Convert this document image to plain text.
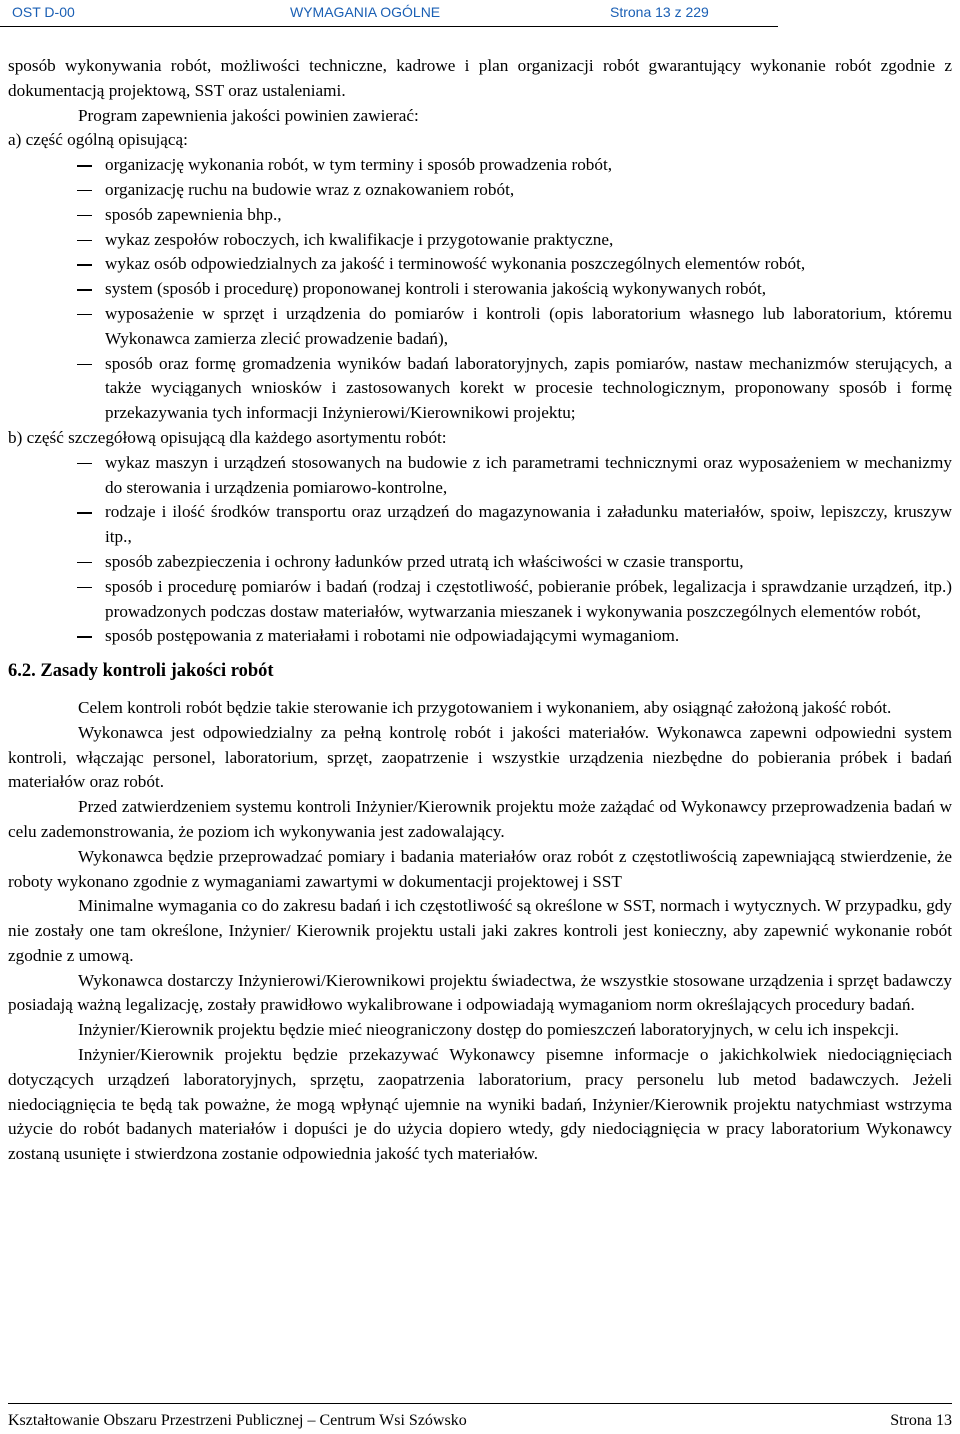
OST D-00	WYMAGANIA OGÓLNE	Strona 13 z 229

sposób wykonywania robót, możliwości techniczne, kadrowe i plan organizacji robót gwarantujący wykonanie robót zgodnie z dokumentacją projektową, SST oraz ustaleniami.

Program zapewnienia jakości powinien zawierać:

a) część ogólną opisującą:

organizację wykonania robót, w tym terminy i sposób prowadzenia robót,
organizację ruchu na budowie wraz z oznakowaniem robót,
sposób zapewnienia bhp.,
wykaz zespołów roboczych, ich kwalifikacje i przygotowanie praktyczne,
wykaz osób odpowiedzialnych za jakość i terminowość wykonania poszczególnych elementów robót,
system (sposób i procedurę) proponowanej kontroli i sterowania jakością wykonywanych robót,
wyposażenie w sprzęt i urządzenia do pomiarów i kontroli (opis laboratorium własnego lub laboratorium, któremu Wykonawca zamierza zlecić prowadzenie badań),
sposób oraz formę gromadzenia wyników badań laboratoryjnych, zapis pomiarów, nastaw mechanizmów sterujących, a także wyciąganych wniosków i zastosowanych korekt w procesie technologicznym, proponowany sposób i formę przekazywania tych informacji Inżynierowi/Kierownikowi projektu;

b) część szczegółową opisującą dla każdego asortymentu robót:

wykaz maszyn i urządzeń stosowanych na budowie z ich parametrami technicznymi oraz wyposażeniem w mechanizmy do sterowania i urządzenia pomiarowo-kontrolne,
rodzaje i ilość środków transportu oraz urządzeń do magazynowania i załadunku materiałów, spoiw, lepiszczy, kruszyw itp.,
sposób zabezpieczenia i ochrony ładunków przed utratą ich właściwości w czasie transportu,
sposób i procedurę pomiarów i badań (rodzaj i częstotliwość, pobieranie próbek, legalizacja i sprawdzanie urządzeń, itp.) prowadzonych podczas dostaw materiałów, wytwarzania mieszanek i wykonywania poszczególnych elementów robót,
sposób postępowania z materiałami i robotami nie odpowiadającymi wymaganiom.

6.2. Zasady kontroli jakości robót

Celem kontroli robót będzie takie sterowanie ich przygotowaniem i wykonaniem, aby osiągnąć założoną jakość robót.

Wykonawca jest odpowiedzialny za pełną kontrolę robót i jakości materiałów. Wykonawca zapewni odpowiedni system kontroli, włączając personel, laboratorium, sprzęt, zaopatrzenie i wszystkie urządzenia niezbędne do pobierania próbek i badań materiałów oraz robót.

Przed zatwierdzeniem systemu kontroli Inżynier/Kierownik projektu może zażądać od Wykonawcy przeprowadzenia badań w celu zademonstrowania, że poziom ich wykonywania jest zadowalający.

Wykonawca będzie przeprowadzać pomiary i badania materiałów oraz robót z częstotliwością zapewniającą stwierdzenie, że roboty wykonano zgodnie z wymaganiami zawartymi w dokumentacji projektowej i SST

Minimalne wymagania co do zakresu badań i ich częstotliwość są określone w SST, normach i wytycznych. W przypadku, gdy nie zostały one tam określone, Inżynier/ Kierownik projektu ustali jaki zakres kontroli jest konieczny, aby zapewnić wykonanie robót zgodnie z umową.

Wykonawca dostarczy Inżynierowi/Kierownikowi projektu świadectwa, że wszystkie stosowane urządzenia i sprzęt badawczy posiadają ważną legalizację, zostały prawidłowo wykalibrowane i odpowiadają wymaganiom norm określających procedury badań.

Inżynier/Kierownik projektu będzie mieć nieograniczony dostęp do pomieszczeń laboratoryjnych, w celu ich inspekcji.

Inżynier/Kierownik projektu będzie przekazywać Wykonawcy pisemne informacje o jakichkolwiek niedociągnięciach dotyczących urządzeń laboratoryjnych, sprzętu, zaopatrzenia laboratorium, pracy personelu lub metod badawczych. Jeżeli niedociągnięcia te będą tak poważne, że mogą wpłynąć ujemnie na wyniki badań, Inżynier/Kierownik projektu natychmiast wstrzyma użycie do robót badanych materiałów i dopuści je do użycia dopiero wtedy, gdy niedociągnięcia w pracy laboratorium Wykonawcy zostaną usunięte i stwierdzona zostanie odpowiednia jakość tych materiałów.

Kształtowanie Obszaru Przestrzeni Publicznej – Centrum Wsi Szówsko	Strona 13
